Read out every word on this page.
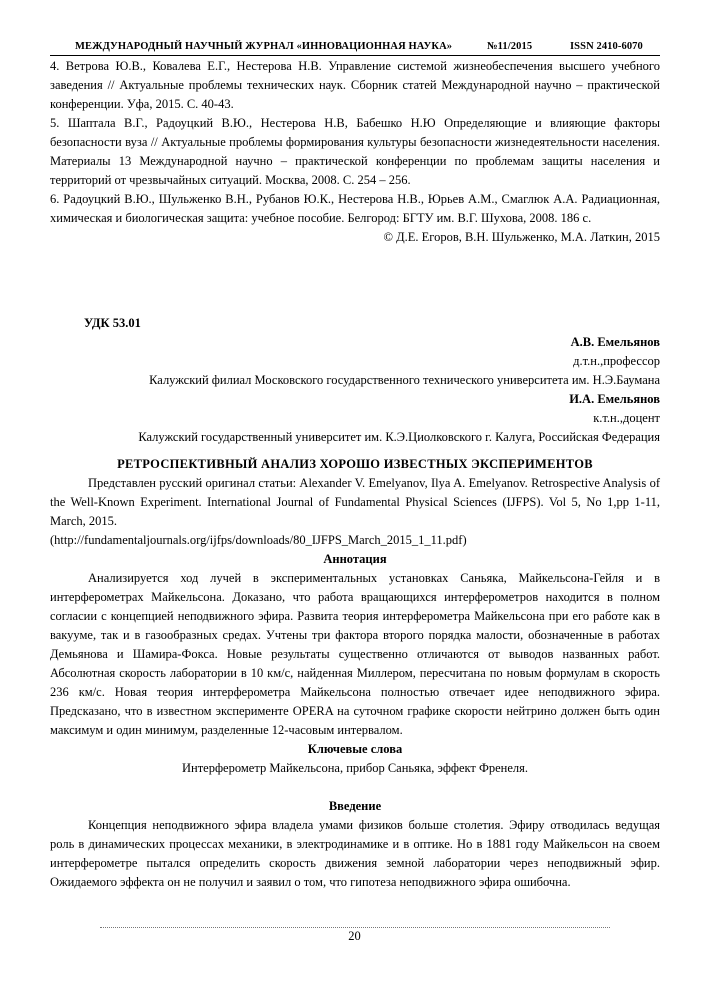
МЕЖДУНАРОДНЫЙ НАУЧНЫЙ ЖУРНАЛ «ИННОВАЦИОННАЯ НАУКА»	№11/2015	ISSN 2410-6070
4. Ветрова Ю.В., Ковалева Е.Г., Нестерова Н.В. Управление системой жизнеобеспечения высшего учебного заведения // Актуальные проблемы технических наук. Сборник статей Международной научно – практической конференции. Уфа, 2015. С. 40-43.
5. Шаптала В.Г., Радоуцкий В.Ю., Нестерова Н.В, Бабешко Н.Ю Определяющие и влияющие факторы безопасности вуза // Актуальные проблемы формирования культуры безопасности жизнедеятельности населения. Материалы 13 Международной научно – практической конференции по проблемам защиты населения и территорий от чрезвычайных ситуаций. Москва, 2008. С. 254 – 256.
6. Радоуцкий В.Ю., Шульженко В.Н., Рубанов Ю.К., Нестерова Н.В., Юрьев А.М., Смаглюк А.А. Радиационная, химическая и биологическая защита: учебное пособие. Белгород: БГТУ им. В.Г. Шухова, 2008. 186 с.
© Д.Е. Егоров, В.Н. Шульженко, М.А. Латкин, 2015
УДК 53.01
А.В. Емельянов
д.т.н.,профессор
Калужский филиал Московского государственного технического университета им. Н.Э.Баумана
И.А. Емельянов
к.т.н.,доцент
Калужский государственный университет им. К.Э.Циолковского г. Калуга, Российская Федерация
РЕТРОСПЕКТИВНЫЙ АНАЛИЗ ХОРОШО ИЗВЕСТНЫХ ЭКСПЕРИМЕНТОВ

Представлен русский оригинал статьи: Alexander V. Emelyanov, Ilya A. Emelyanov. Retrospective Analysis of the Well-Known Experiment. International Journal of Fundamental Physical Sciences (IJFPS). Vol 5, No 1,pp 1-11, March, 2015.

(http://fundamentaljournals.org/ijfps/downloads/80_IJFPS_March_2015_1_11.pdf)

Аннотация

Анализируется ход лучей в экспериментальных установках Саньяка, Майкельсона-Гейля и в интерферометрах Майкельсона. Доказано, что работа вращающихся интерферометров находится в полном согласии с концепцией неподвижного эфира. Развита теория интерферометра Майкельсона при его работе как в вакууме, так и в газообразных средах. Учтены три фактора второго порядка малости, обозначенные в работах Демьянова и Шамира-Фокса. Новые результаты существенно отличаются от выводов названных работ. Абсолютная скорость лаборатории в 10 км/с, найденная Миллером, пересчитана по новым формулам в скорость 236 км/с. Новая теория интерферометра Майкельсона полностью отвечает идее неподвижного эфира. Предсказано, что в известном эксперименте OPERA на суточном графике скорости нейтрино должен быть один максимум и один минимум, разделенные 12-часовым интервалом.

Ключевые слова
Интерферометр Майкельсона, прибор Саньяка, эффект Френеля.
Введение

Концепция неподвижного эфира владела умами физиков больше столетия. Эфиру отводилась ведущая роль в динамических процессах механики, в электродинамике и в оптике. Но в 1881 году Майкельсон на своем интерферометре пытался определить скорость движения земной лаборатории через неподвижный эфир. Ожидаемого эффекта он не получил и заявил о том, что гипотеза неподвижного эфира ошибочна.

20
